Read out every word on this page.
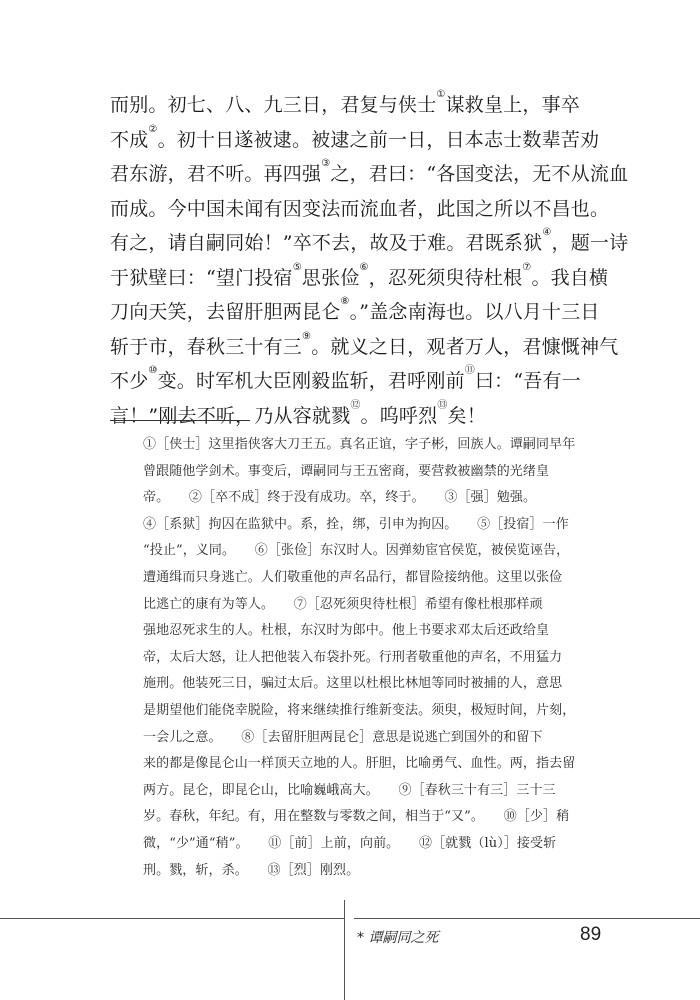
而别。初七、八、九三日，君复与侠士①谋救皇上，事卒
不成②。初十日遂被逮。被逮之前一日，日本志士数辈苦劝
君东游，君不听。再四强③之，君曰：“各国变法，无不从流血
而成。今中国未闻有因变法而流血者，此国之所以不昌也。
有之，请自嗣同始！”卒不去，故及于难。君既系狱④，题一诗
于狱壁曰：“望门投宿⑤思张俭⑥，忍死须臾待杜根⑦。我自横
刀向天笑，去留肝胆两昆仑⑧。”盖念南海也。以八月十三日
斩于市，春秋三十有三⑨。就义之日，观者万人，君慷慨神气
不少⑩变。时军机大臣刚毅监斩，君呼刚前⑪曰：“吾有一
言！”刚去不听，乃从容就戮⑫。呜呼烈⑬矣！
①［侠士］这里指侠客大刀王五。真名正谊，字子彬，回族人。谭嗣同早年
曾跟随他学剑术。事变后，谭嗣同与王五密商，要营救被幽禁的光绪皇
帝。　　②［卒不成］终于没有成功。卒，终于。　　③［强］勉强。
④［系狱］拘囚在监狱中。系，拴，绑，引申为拘囚。　　⑤［投宿］一作
“投止”，义同。　　⑥［张俭］东汉时人。因弹劾宦官侯览，被侯览诬告，
遭通缉而只身逃亡。人们敬重他的声名品行，都冒险接纳他。这里以张俭
比逃亡的康有为等人。　　⑦［忍死须臾待杜根］希望有像杜根那样顽
强地忍死求生的人。杜根，东汉时为郎中。他上书要求邓太后还政给皇
帝，太后大怒，让人把他装入布袋扑死。行刑者敬重他的声名，不用猛力
施刑。他装死三日，骗过太后。这里以杜根比林旭等同时被捕的人，意思
是期望他们能侥幸脱险，将来继续推行维新变法。须臾，极短时间，片刻，
一会儿之意。　　⑧［去留肝胆两昆仑］意思是说逃亡到国外的和留下
来的都是像昆仑山一样顶天立地的人。肝胆，比喻勇气、血性。两，指去留
两方。昆仑，即昆仑山，比喻巍峨高大。　　⑨［春秋三十有三］三十三
岁。春秋，年纪。有，用在整数与零数之间，相当于“又”。　　⑩［少］稍
微，“少”通“稍”。　　⑪［前］上前，向前。　　⑫［就戮（lù）］接受斩
刑。戮，斩，杀。　　⑬［烈］刚烈。
* 谭嗣同之死	89
